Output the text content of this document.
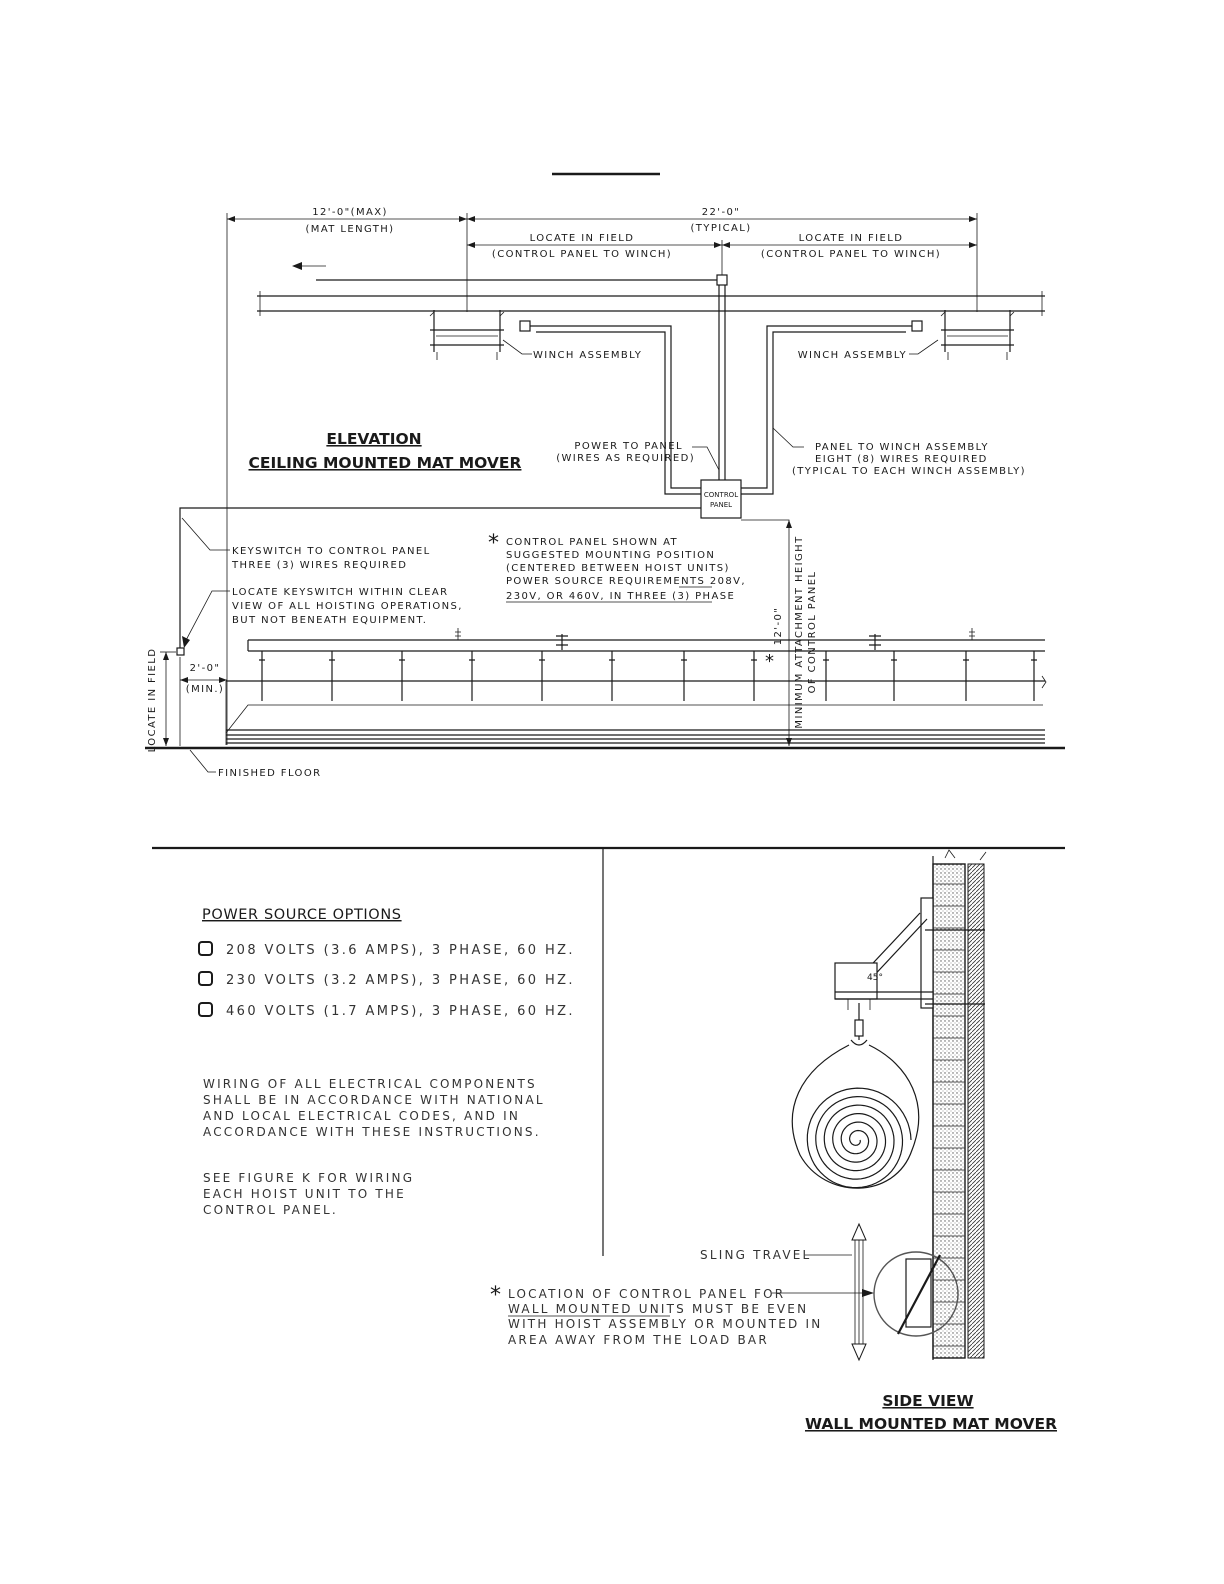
12'-0"(MAX)
(MAT LENGTH)
22'-0"
(TYPICAL)
LOCATE IN FIELD
(CONTROL PANEL TO WINCH)
LOCATE IN FIELD
(CONTROL PANEL TO WINCH)
WINCH ASSEMBLY	WINCH ASSEMBLY
CONTROL
PANEL
ELEVATION
CEILING MOUNTED MAT MOVER
POWER TO PANEL
(WIRES AS REQUIRED)
PANEL TO WINCH ASSEMBLY
EIGHT (8) WIRES REQUIRED
(TYPICAL TO EACH WINCH ASSEMBLY)
KEYSWITCH TO CONTROL PANEL
THREE (3) WIRES REQUIRED
LOCATE KEYSWITCH WITHIN CLEAR
VIEW OF ALL HOISTING OPERATIONS,
BUT NOT BENEATH EQUIPMENT.
* CONTROL PANEL SHOWN AT
SUGGESTED MOUNTING POSITION
(CENTERED BETWEEN HOIST UNITS)
POWER SOURCE REQUIREMENTS 208V,
230V, OR 460V, IN THREE (3) PHASE
2'-0"
(MIN.)
LOCATE IN FIELD
12'-0"
* MINIMUM ATTACHMENT HEIGHT OF CONTROL PANEL
FINISHED FLOOR
POWER SOURCE OPTIONS
208 VOLTS (3.6 AMPS), 3 PHASE, 60 HZ.
230 VOLTS (3.2 AMPS), 3 PHASE, 60 HZ.
460 VOLTS (1.7 AMPS), 3 PHASE, 60 HZ.
WIRING OF ALL ELECTRICAL COMPONENTS
SHALL BE IN ACCORDANCE WITH NATIONAL
AND LOCAL ELECTRICAL CODES, AND IN
ACCORDANCE WITH THESE INSTRUCTIONS.
SEE FIGURE K FOR WIRING
EACH HOIST UNIT TO THE
CONTROL PANEL.
45°
SLING TRAVEL
* LOCATION OF CONTROL PANEL FOR
WALL MOUNTED UNITS MUST BE EVEN
WITH HOIST ASSEMBLY OR MOUNTED IN
AREA AWAY FROM THE LOAD BAR
SIDE VIEW
WALL MOUNTED MAT MOVER
